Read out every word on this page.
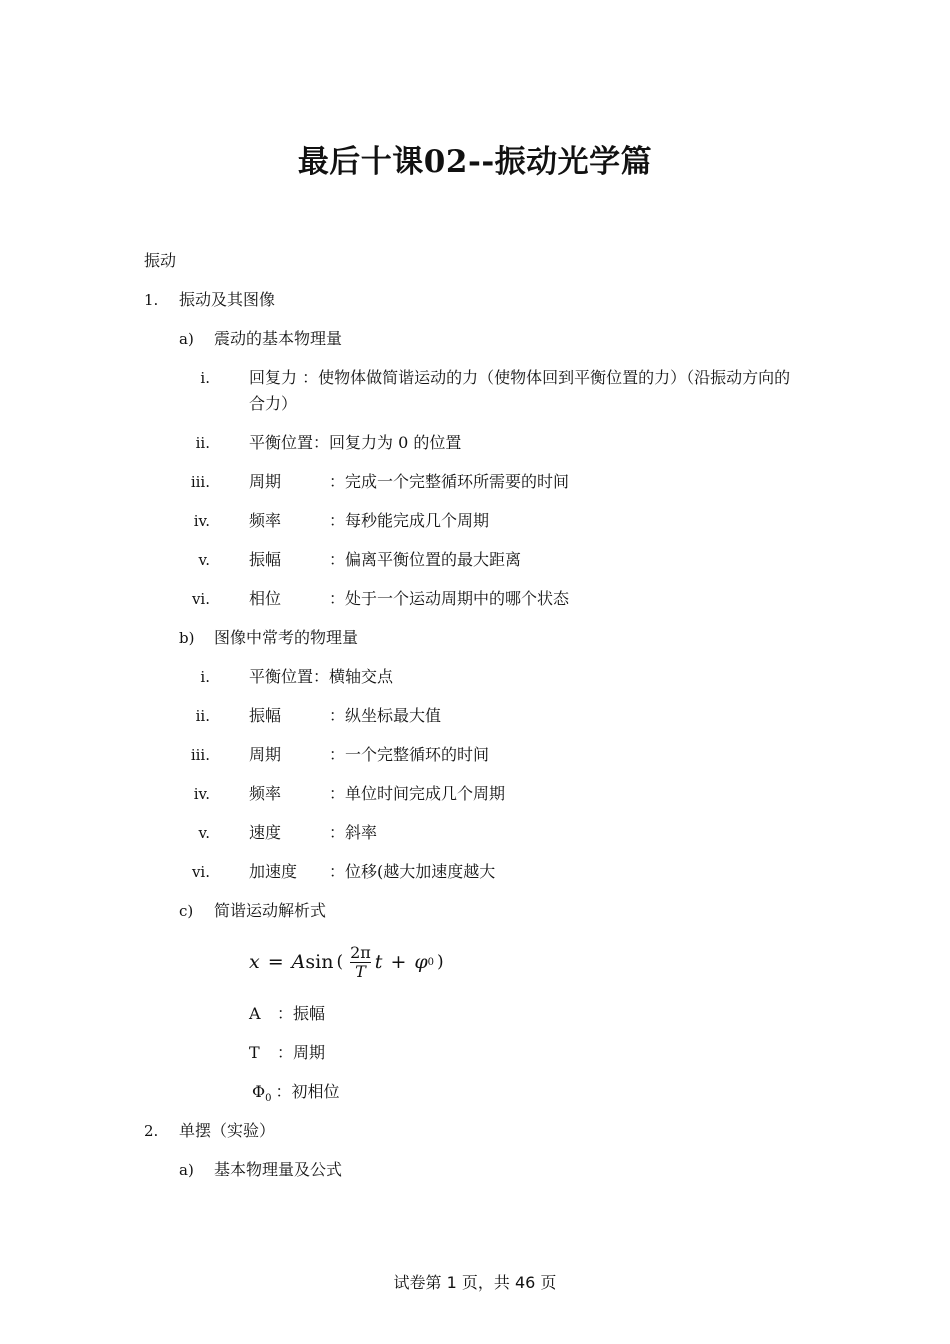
最后十课02--振动光学篇
振动
1. 振动及其图像
a) 震动的基本物理量
i. 回复力 ：使物体做简谐运动的力（使物体回到平衡位置的力）（沿振动方向的合力）
ii. 平衡位置：回复力为 0 的位置
iii. 周期	：完成一个完整循环所需要的时间
iv. 频率	：每秒能完成几个周期
v. 振幅	：偏离平衡位置的最大距离
vi. 相位	：处于一个运动周期中的哪个状态
b) 图像中常考的物理量
i. 平衡位置：横轴交点
ii. 振幅	：纵坐标最大值
iii. 周期	：一个完整循环的时间
iv. 频率	：单位时间完成几个周期
v. 速度	：斜率
vi. 加速度 ：位移(越大加速度越大
c) 简谐运动解析式
x = A sin ( $\frac{2\pi}{T}$ t + φ 0 )
A ：振幅
T ：周期
$\Phi_0$ ：初相位
2. 单摆（实验）
a) 基本物理量及公式
试卷第 1 页，共 46 页
